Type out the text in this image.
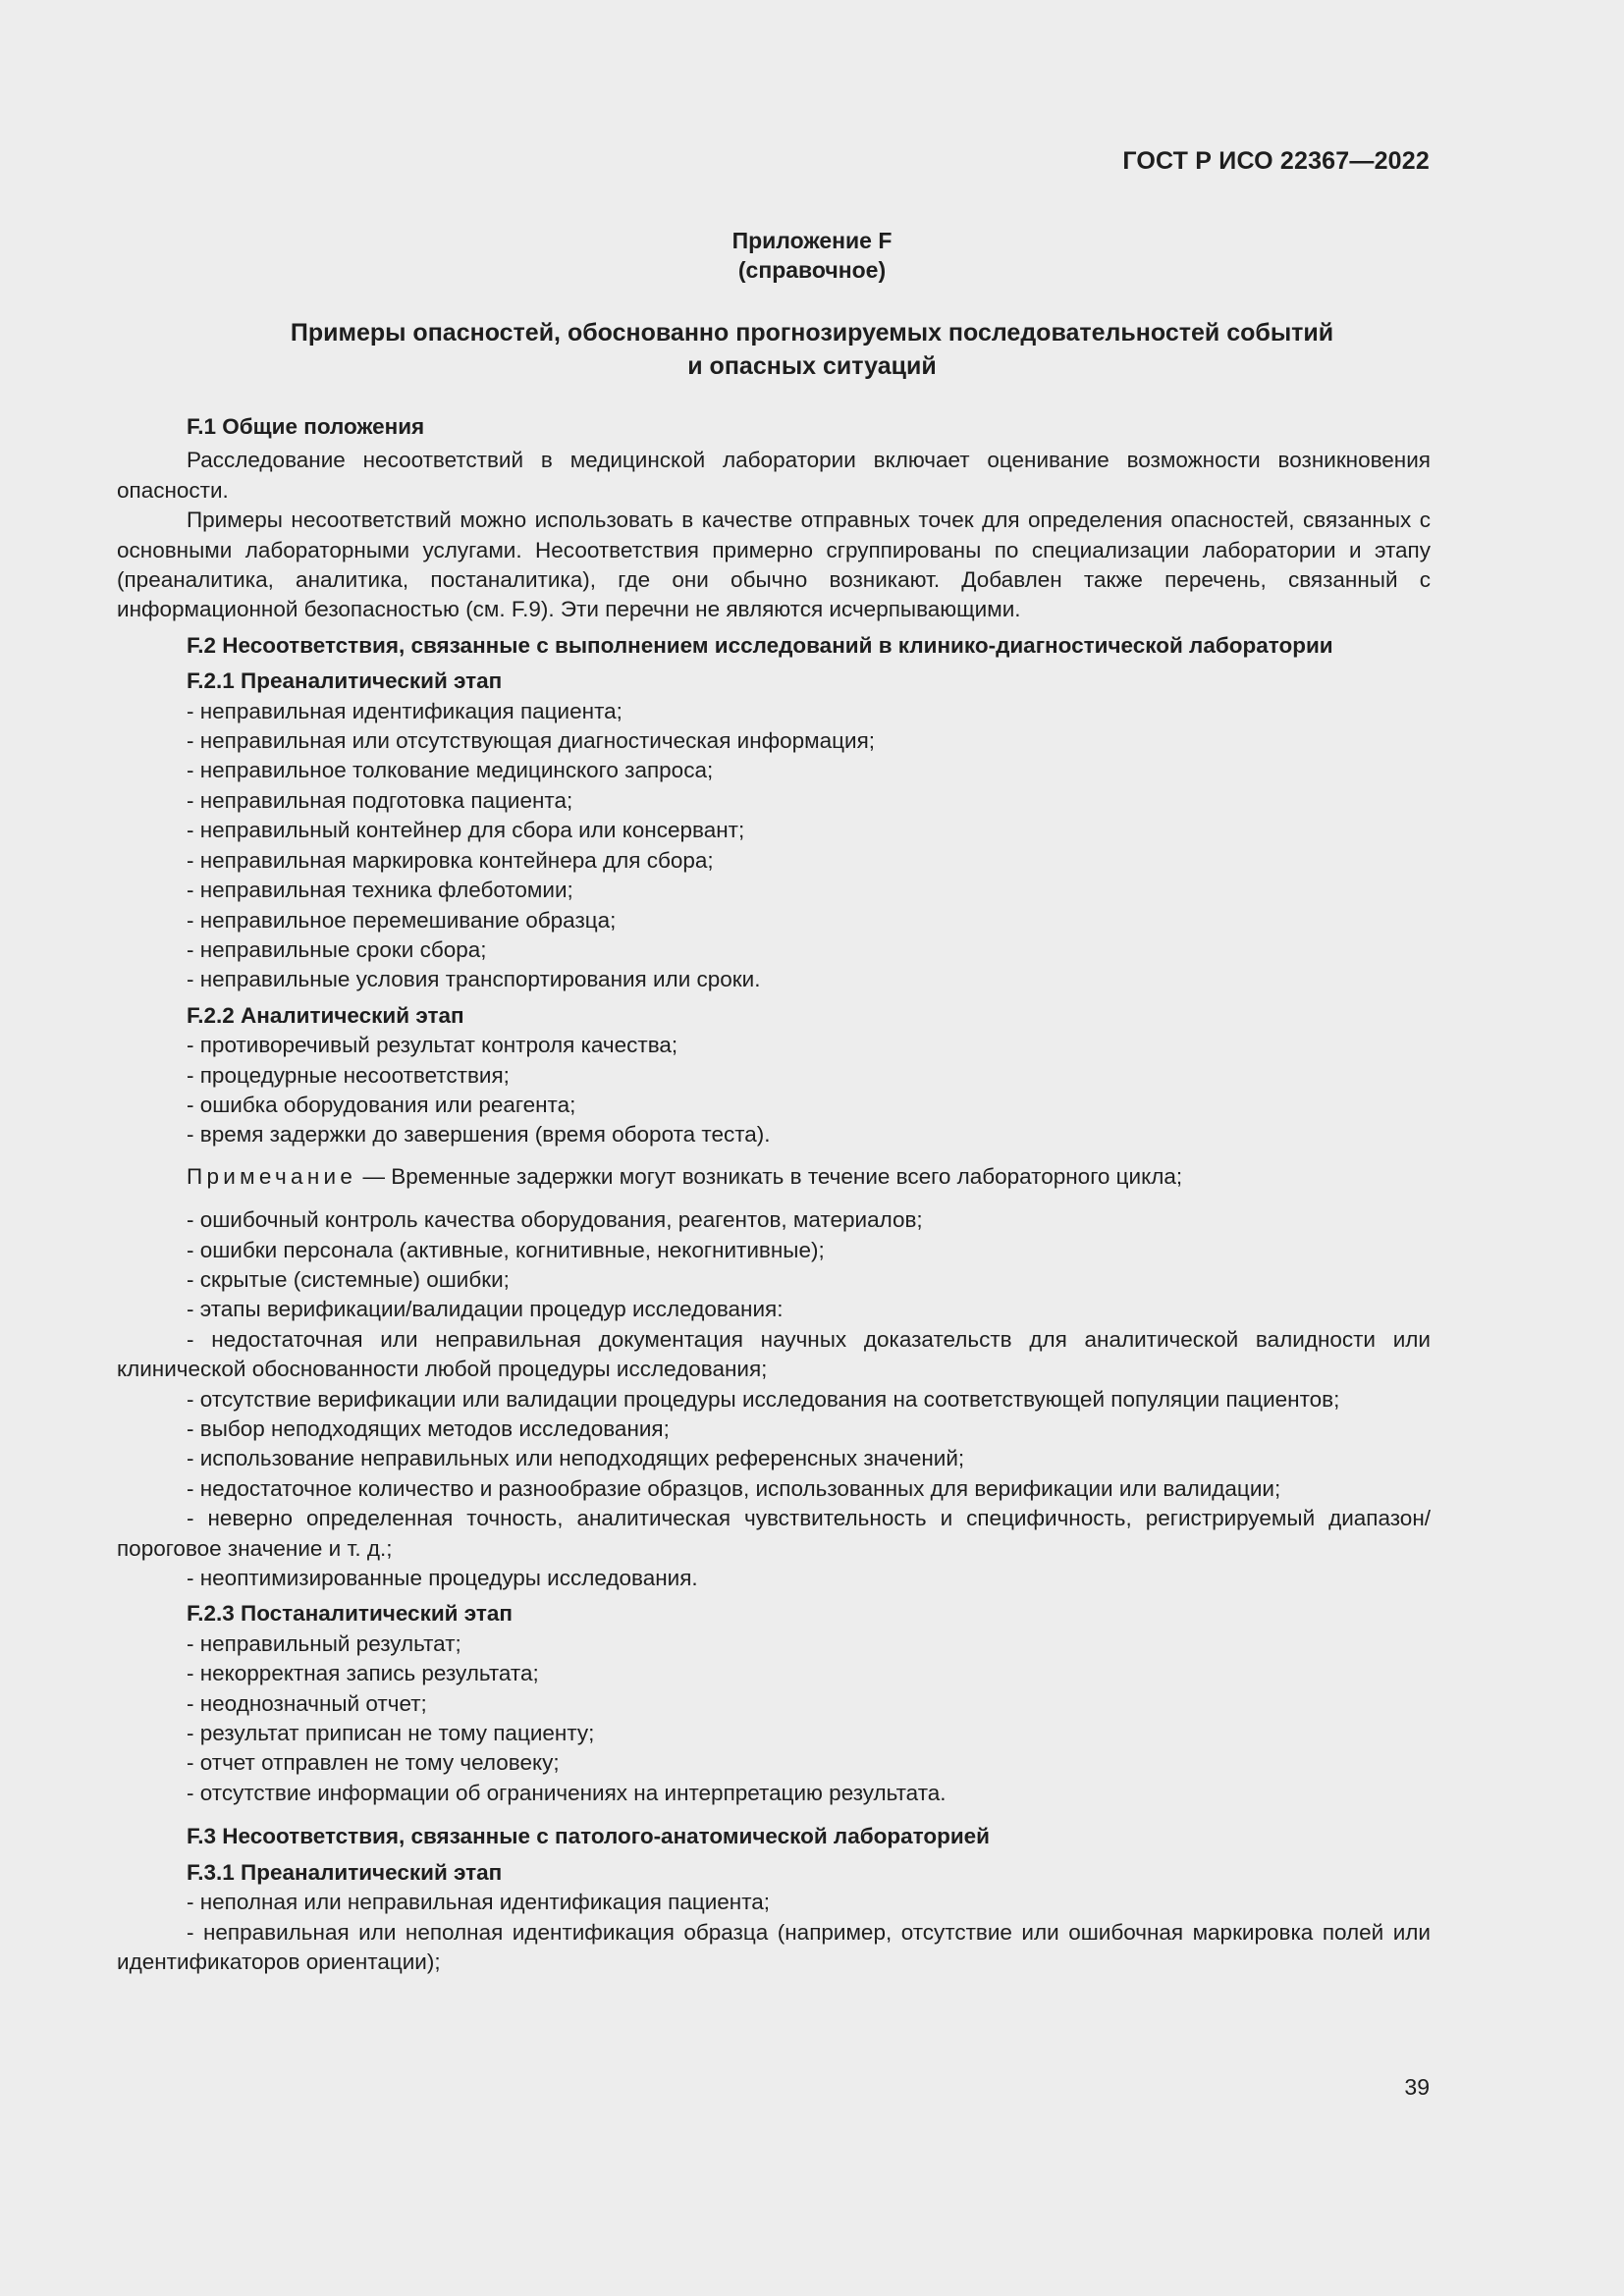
ГОСТ Р ИСО 22367—2022
Приложение F
(справочное)
Примеры опасностей, обоснованно прогнозируемых последовательностей событий
и опасных ситуаций
F.1 Общие положения
Расследование несоответствий в медицинской лаборатории включает оценивание возможности возникновения опасности.
Примеры несоответствий можно использовать в качестве отправных точек для определения опасностей, связанных с основными лабораторными услугами. Несоответствия примерно сгруппированы по специализации лаборатории и этапу (преаналитика, аналитика, постаналитика), где они обычно возникают. Добавлен также перечень, связанный с информационной безопасностью (см. F.9). Эти перечни не являются исчерпывающими.
F.2 Несоответствия, связанные с выполнением исследований в клинико-диагностической лаборатории
F.2.1 Преаналитический этап
- неправильная идентификация пациента;
- неправильная или отсутствующая диагностическая информация;
- неправильное толкование медицинского запроса;
- неправильная подготовка пациента;
- неправильный контейнер для сбора или консервант;
- неправильная маркировка контейнера для сбора;
- неправильная техника флеботомии;
- неправильное перемешивание образца;
- неправильные сроки сбора;
- неправильные условия транспортирования или сроки.
F.2.2 Аналитический этап
- противоречивый результат контроля качества;
- процедурные несоответствия;
- ошибка оборудования или реагента;
- время задержки до завершения (время оборота теста).
Примечание — Временные задержки могут возникать в течение всего лабораторного цикла;
- ошибочный контроль качества оборудования, реагентов, материалов;
- ошибки персонала (активные, когнитивные, некогнитивные);
- скрытые (системные) ошибки;
- этапы верификации/валидации процедур исследования:
- недостаточная или неправильная документация научных доказательств для аналитической валидности или клинической обоснованности любой процедуры исследования;
- отсутствие верификации или валидации процедуры исследования на соответствующей популяции пациентов;
- выбор неподходящих методов исследования;
- использование неправильных или неподходящих референсных значений;
- недостаточное количество и разнообразие образцов, использованных для верификации или валидации;
- неверно определенная точность, аналитическая чувствительность и специфичность, регистрируемый диапазон/пороговое значение и т. д.;
- неоптимизированные процедуры исследования.
F.2.3 Постаналитический этап
- неправильный результат;
- некорректная запись результата;
- неоднозначный отчет;
- результат приписан не тому пациенту;
- отчет отправлен не тому человеку;
- отсутствие информации об ограничениях на интерпретацию результата.
F.3 Несоответствия, связанные с патолого-анатомической лабораторией
F.3.1 Преаналитический этап
- неполная или неправильная идентификация пациента;
- неправильная или неполная идентификация образца (например, отсутствие или ошибочная маркировка полей или идентификаторов ориентации);
39
